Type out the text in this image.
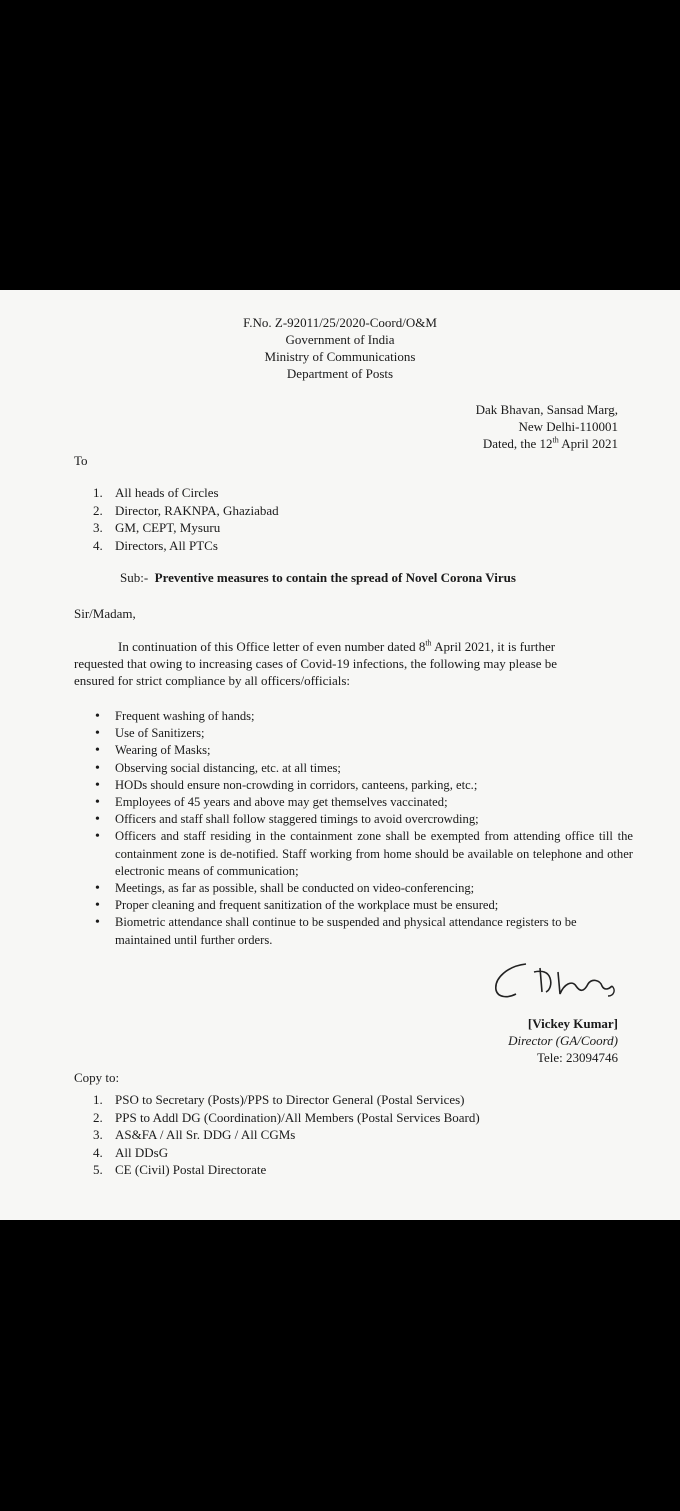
F.No. Z-92011/25/2020-Coord/O&M
Government of India
Ministry of Communications
Department of Posts
Dak Bhavan, Sansad Marg,
New Delhi-110001
Dated, the 12th April 2021
To
1. All heads of Circles
2. Director, RAKNPA, Ghaziabad
3. GM, CEPT, Mysuru
4. Directors, All PTCs
Sub:- Preventive measures to contain the spread of Novel Corona Virus
Sir/Madam,
In continuation of this Office letter of even number dated 8th April 2021, it is further
requested that owing to increasing cases of Covid-19 infections, the following may please be
ensured for strict compliance by all officers/officials:
• Frequent washing of hands;
• Use of Sanitizers;
• Wearing of Masks;
• Observing social distancing, etc. at all times;
• HODs should ensure non-crowding in corridors, canteens, parking, etc.;
• Employees of 45 years and above may get themselves vaccinated;
• Officers and staff shall follow staggered timings to avoid overcrowding;
• Officers and staff residing in the containment zone shall be exempted from attending office till the containment zone is de-notified. Staff working from home should be available on telephone and other electronic means of communication;
• Meetings, as far as possible, shall be conducted on video-conferencing;
• Proper cleaning and frequent sanitization of the workplace must be ensured;
• Biometric attendance shall continue to be suspended and physical attendance registers to be maintained until further orders.
[Vickey Kumar]
Director (GA/Coord)
Tele: 23094746
Copy to:
1. PSO to Secretary (Posts)/PPS to Director General (Postal Services)
2. PPS to Addl DG (Coordination)/All Members (Postal Services Board)
3. AS&FA / All Sr. DDG / All CGMs
4. All DDsG
5. CE (Civil) Postal Directorate
